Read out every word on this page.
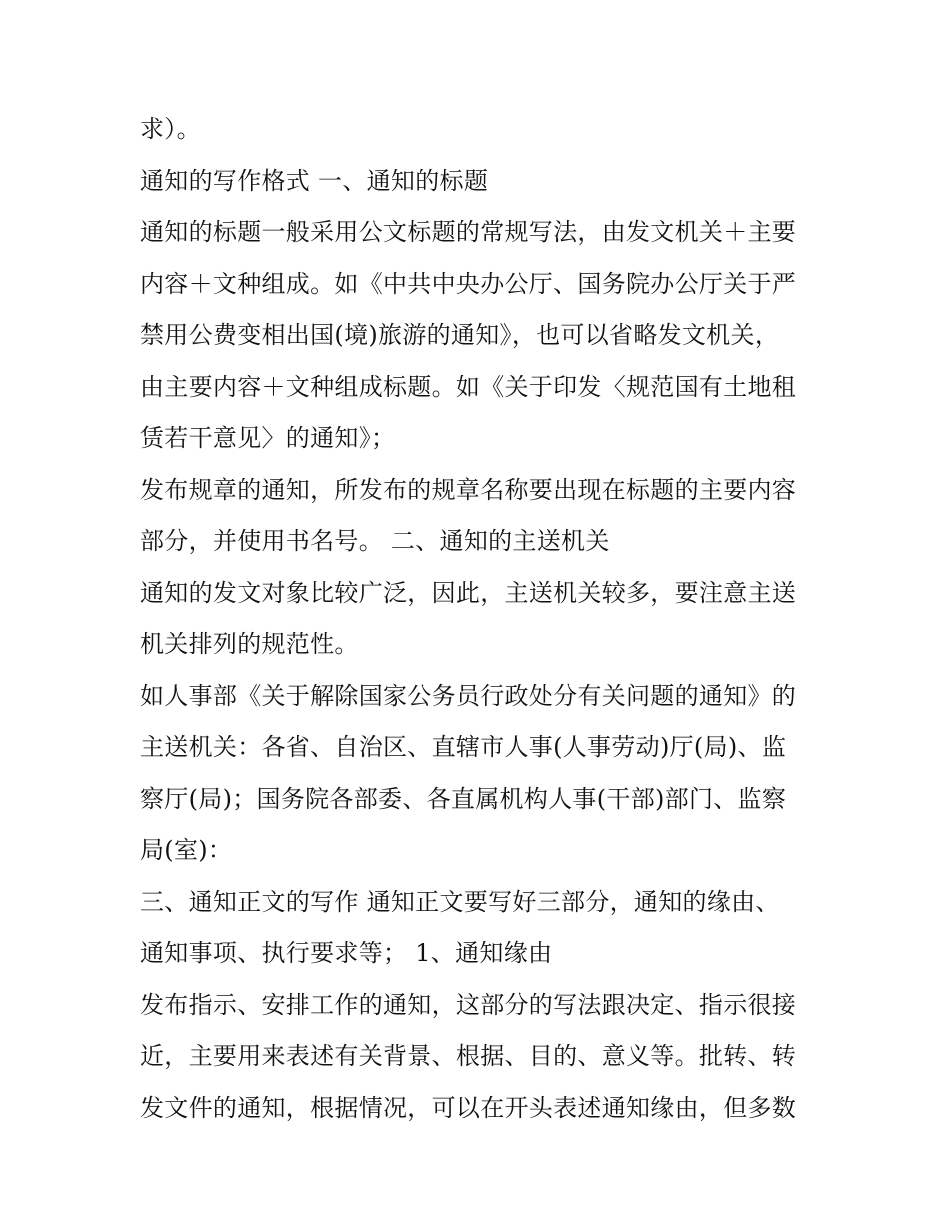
求）。
通知的写作格式 一、通知的标题
通知的标题一般采用公文标题的常规写法，由发文机关＋主要
内容＋文种组成。如《中共中央办公厅、国务院办公厅关于严
禁用公费变相出国(境)旅游的通知》，也可以省略发文机关，
由主要内容＋文种组成标题。如《关于印发〈规范国有土地租
赁若干意见〉的通知》；
发布规章的通知，所发布的规章名称要出现在标题的主要内容
部分，并使用书名号。 二、通知的主送机关
通知的发文对象比较广泛，因此，主送机关较多，要注意主送
机关排列的规范性。
如人事部《关于解除国家公务员行政处分有关问题的通知》的
主送机关：各省、自治区、直辖市人事(人事劳动)厅(局)、监
察厅(局)；国务院各部委、各直属机构人事(干部)部门、监察
局(室)：
三、通知正文的写作 通知正文要写好三部分，通知的缘由、
通知事项、执行要求等； 1、通知缘由
发布指示、安排工作的通知，这部分的写法跟决定、指示很接
近，主要用来表述有关背景、根据、目的、意义等。批转、转
发文件的通知，根据情况，可以在开头表述通知缘由，但多数
